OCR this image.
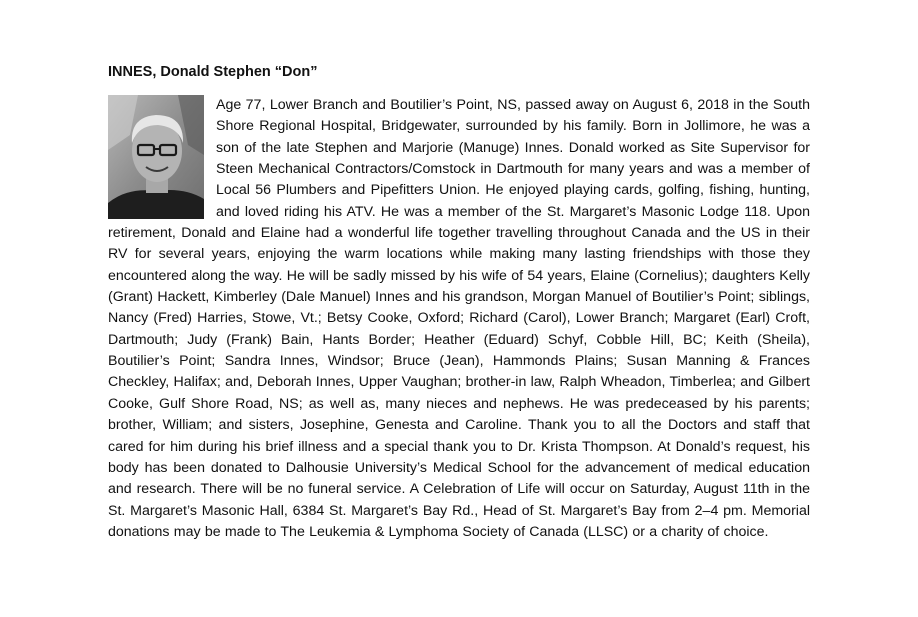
INNES, Donald Stephen “Don”
Age 77, Lower Branch and Boutilier’s Point, NS, passed away on August 6, 2018 in the South Shore Regional Hospital, Bridgewater, surrounded by his family. Born in Jollimore, he was a son of the late Stephen and Marjorie (Manuge) Innes. Donald worked as Site Supervisor for Steen Mechanical Contractors/Comstock in Dartmouth for many years and was a member of Local 56 Plumbers and Pipefitters Union. He enjoyed playing cards, golfing, fishing, hunting, and loved riding his ATV. He was a member of the St. Margaret’s Masonic Lodge 118. Upon retirement, Donald and Elaine had a wonderful life together travelling throughout Canada and the US in their RV for several years, enjoying the warm locations while making many lasting friendships with those they encountered along the way. He will be sadly missed by his wife of 54 years, Elaine (Cornelius); daughters Kelly (Grant) Hackett, Kimberley (Dale Manuel) Innes and his grandson, Morgan Manuel of Boutilier’s Point; siblings, Nancy (Fred) Harries, Stowe, Vt.; Betsy Cooke, Oxford; Richard (Carol), Lower Branch; Margaret (Earl) Croft, Dartmouth; Judy (Frank) Bain, Hants Border; Heather (Eduard) Schyf, Cobble Hill, BC; Keith (Sheila), Boutilier’s Point; Sandra Innes, Windsor; Bruce (Jean), Hammonds Plains; Susan Manning & Frances Checkley, Halifax; and, Deborah Innes, Upper Vaughan; brother-in law, Ralph Wheadon, Timberlea; and Gilbert Cooke, Gulf Shore Road, NS; as well as, many nieces and nephews. He was predeceased by his parents; brother, William; and sisters, Josephine, Genesta and Caroline. Thank you to all the Doctors and staff that cared for him during his brief illness and a special thank you to Dr. Krista Thompson. At Donald’s request, his body has been donated to Dalhousie University’s Medical School for the advancement of medical education and research. There will be no funeral service. A Celebration of Life will occur on Saturday, August 11th in the St. Margaret’s Masonic Hall, 6384 St. Margaret’s Bay Rd., Head of St. Margaret’s Bay from 2–4 pm. Memorial donations may be made to The Leukemia & Lymphoma Society of Canada (LLSC) or a charity of choice.
